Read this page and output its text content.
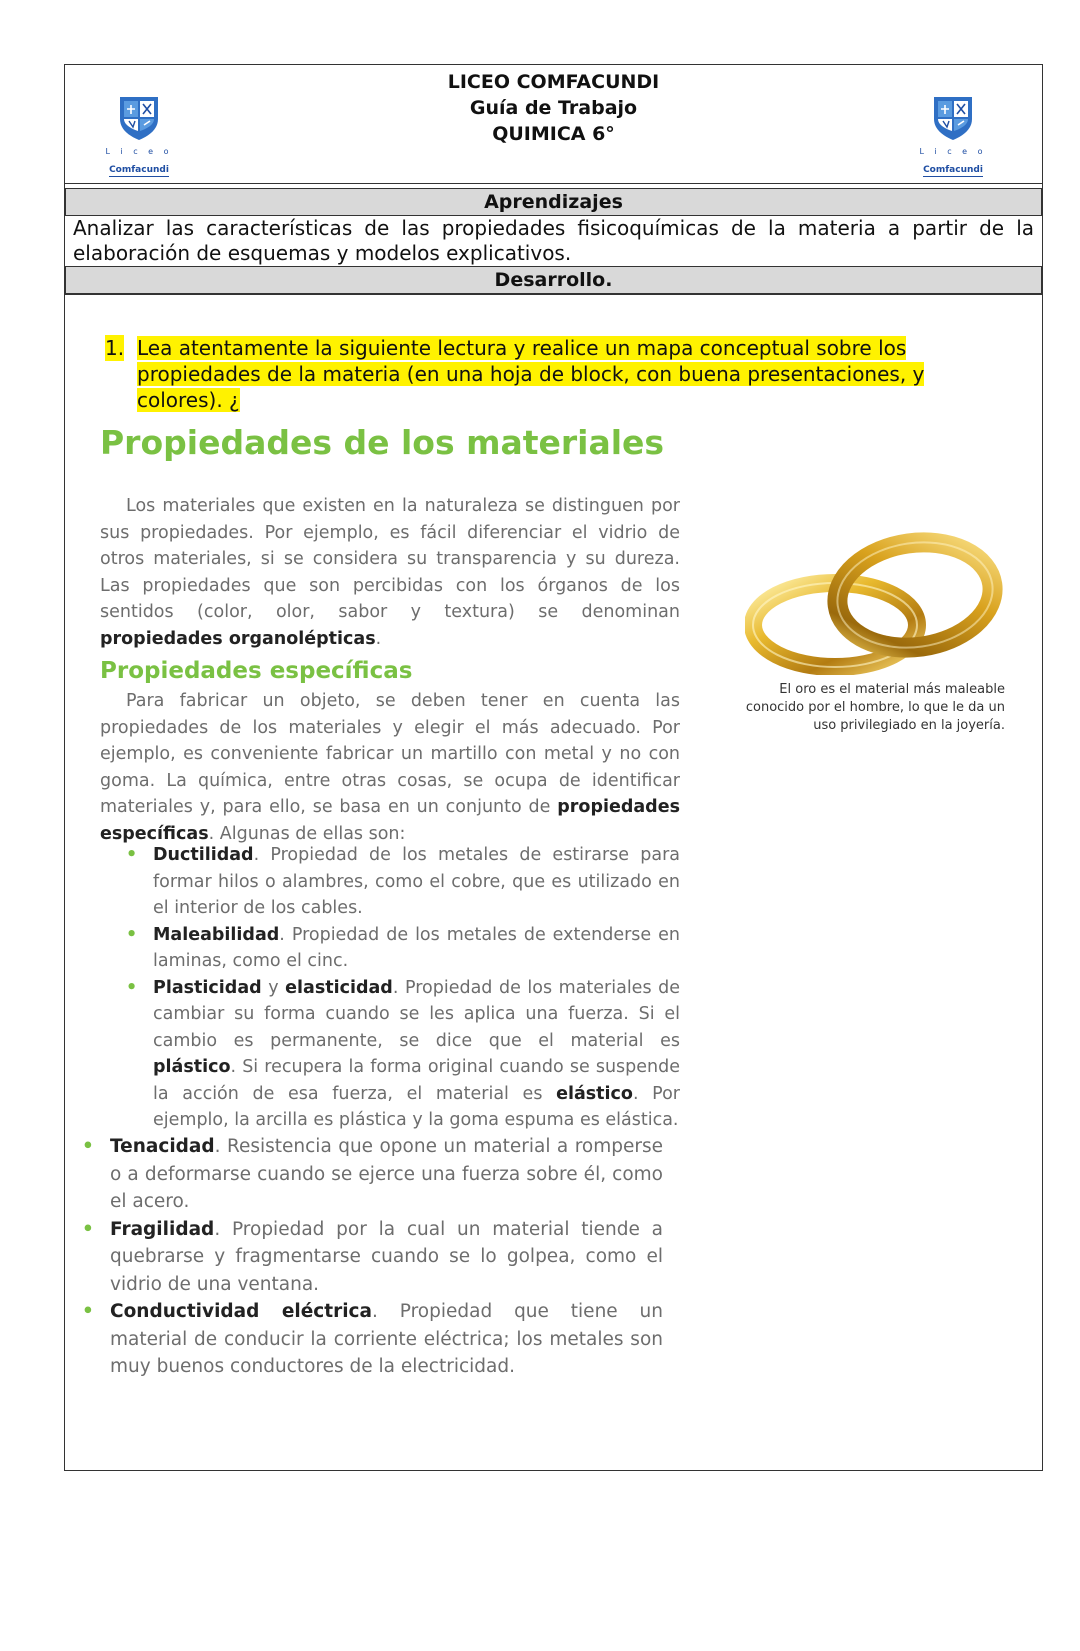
L i c e o
Comfacundi
LICEO COMFACUNDI
Guía de Trabajo
QUIMICA 6°
L i c e o
Comfacundi
Aprendizajes
Analizar las características de las propiedades fisicoquímicas de la materia a partir de la elaboración de esquemas y modelos explicativos.
Desarrollo.
1. Lea atentamente la siguiente lectura y realice un mapa conceptual sobre los propiedades de la materia (en una hoja de block, con buena presentaciones, y colores). ¿
Propiedades de los materiales

Los materiales que existen en la naturaleza se distinguen por sus propiedades. Por ejemplo, es fácil diferenciar el vidrio de otros materiales, si se considera su transparencia y su dureza. Las propiedades que son percibidas con los órganos de los sentidos (color, olor, sabor y textura) se denominan propiedades organolépticas.

Propiedades específicas

Para fabricar un objeto, se deben tener en cuenta las propiedades de los materiales y elegir el más adecuado. Por ejemplo, es conveniente fabricar un martillo con metal y no con goma. La química, entre otras cosas, se ocupa de identificar materiales y, para ello, se basa en un conjunto de propiedades específicas. Algunas de ellas son:

• Ductilidad. Propiedad de los metales de estirarse para formar hilos o alambres, como el cobre, que es utilizado en el interior de los cables.
• Maleabilidad. Propiedad de los metales de extenderse en laminas, como el cinc.
• Plasticidad y elasticidad. Propiedad de los materiales de cambiar su forma cuando se les aplica una fuerza. Si el cambio es permanente, se dice que el material es plástico. Si recupera la forma original cuando se suspende la acción de esa fuerza, el material es elástico. Por ejemplo, la arcilla es plástica y la goma espuma es elástica.
• Tenacidad. Resistencia que opone un material a romperse o a deformarse cuando se ejerce una fuerza sobre él, como el acero.
• Fragilidad. Propiedad por la cual un material tiende a quebrarse y fragmentarse cuando se lo golpea, como el vidrio de una ventana.
• Conductividad eléctrica. Propiedad que tiene un material de conducir la corriente eléctrica; los metales son muy buenos conductores de la electricidad.
El oro es el material más maleable conocido por el hombre, lo que le da un uso privilegiado en la joyería.
